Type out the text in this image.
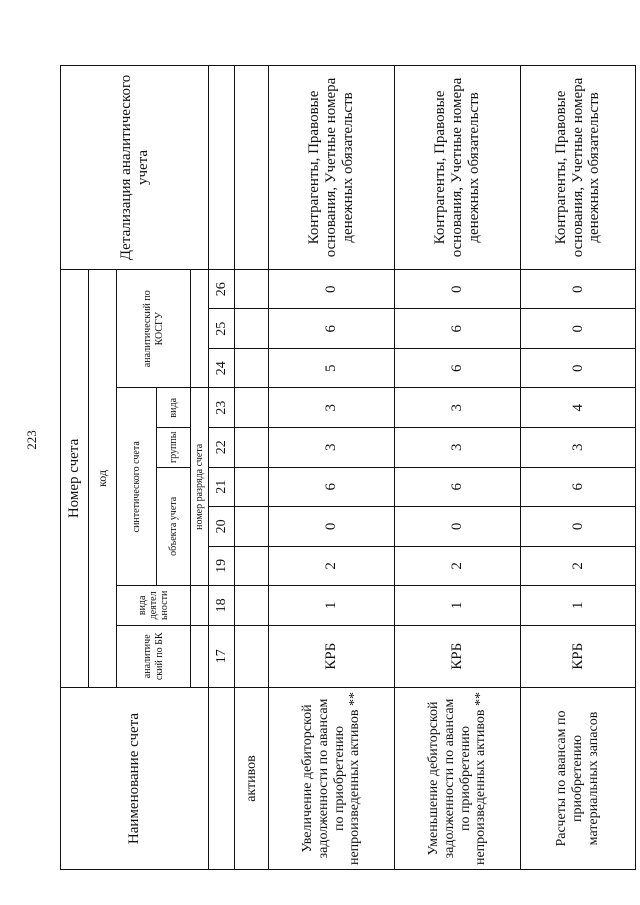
223
Наименование счета	Номер счета										Детализация аналитического учета
	код										
	аналитиче ский по БК	вида деятел ьности	синтетического счета					аналитический по КОСГУ			
			объекта учета			группы	вида				
			номер разряда счета								
	17	18	19	20	21	22	23	24	25	26	
активов											
Увеличение дебиторской задолженности по авансам по приобретению непроизведенных активов **	КРБ	1	2	0	6	3	3	5	6	0	Контрагенты, Правовые основания, Учетные номера денежных обязательств
Уменьшение дебиторской задолженности по авансам по приобретению непроизведенных активов **	КРБ	1	2	0	6	3	3	6	6	0	Контрагенты, Правовые основания, Учетные номера денежных обязательств
Расчеты по авансам по приобретению материальных запасов	КРБ	1	2	0	6	3	4	0	0	0	Контрагенты, Правовые основания, Учетные номера денежных обязательств
